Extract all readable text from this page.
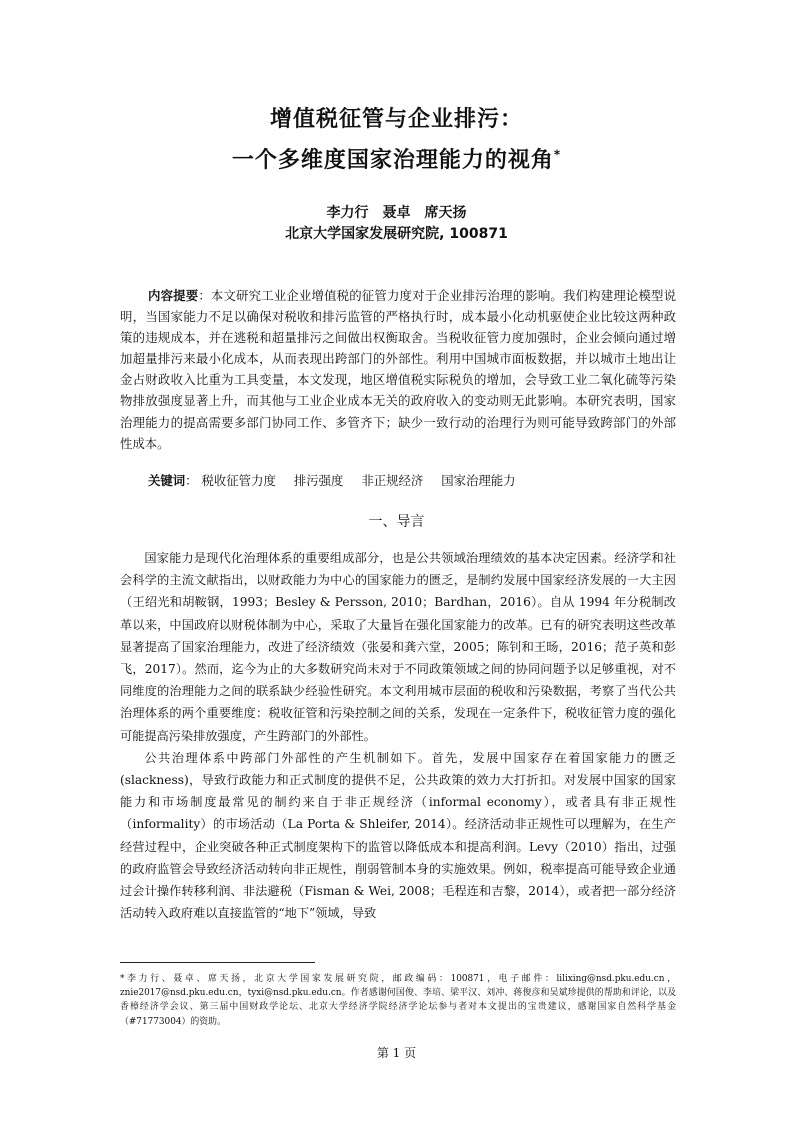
增值税征管与企业排污：
一个多维度国家治理能力的视角*
李力行　聂卓　席天扬
北京大学国家发展研究院, 100871
内容提要：本文研究工业企业增值税的征管力度对于企业排污治理的影响。我们构建理论模型说明，当国家能力不足以确保对税收和排污监管的严格执行时，成本最小化动机驱使企业比较这两种政策的违规成本，并在逃税和超量排污之间做出权衡取舍。当税收征管力度加强时，企业会倾向通过增加超量排污来最小化成本，从而表现出跨部门的外部性。利用中国城市面板数据，并以城市土地出让金占财政收入比重为工具变量，本文发现，地区增值税实际税负的增加，会导致工业二氧化硫等污染物排放强度显著上升，而其他与工业企业成本无关的政府收入的变动则无此影响。本研究表明，国家治理能力的提高需要多部门协同工作、多管齐下；缺少一致行动的治理行为则可能导致跨部门的外部性成本。
关键词： 税收征管力度 排污强度 非正规经济 国家治理能力
一、导言

国家能力是现代化治理体系的重要组成部分，也是公共领域治理绩效的基本决定因素。经济学和社会科学的主流文献指出，以财政能力为中心的国家能力的匮乏，是制约发展中国家经济发展的一大主因（王绍光和胡鞍钢，1993；Besley & Persson, 2010；Bardhan，2016）。自从 1994 年分税制改革以来，中国政府以财税体制为中心，采取了大量旨在强化国家能力的改革。已有的研究表明这些改革显著提高了国家治理能力，改进了经济绩效（张晏和龚六堂，2005；陈钊和王旸，2016；范子英和彭飞，2017）。然而，迄今为止的大多数研究尚未对于不同政策领域之间的协同问题予以足够重视，对不同维度的治理能力之间的联系缺少经验性研究。本文利用城市层面的税收和污染数据，考察了当代公共治理体系的两个重要维度：税收征管和污染控制之间的关系，发现在一定条件下，税收征管力度的强化可能提高污染排放强度，产生跨部门的外部性。

公共治理体系中跨部门外部性的产生机制如下。首先，发展中国家存在着国家能力的匮乏(slackness)，导致行政能力和正式制度的提供不足，公共政策的效力大打折扣。对发展中国家的国家能力和市场制度最常见的制约来自于非正规经济（informal economy），或者具有非正规性（informality）的市场活动（La Porta & Shleifer, 2014）。经济活动非正规性可以理解为，在生产经营过程中，企业突破各种正式制度架构下的监管以降低成本和提高利润。Levy（2010）指出，过强的政府监管会导致经济活动转向非正规性，削弱管制本身的实施效果。例如，税率提高可能导致企业通过会计操作转移利润、非法避税（Fisman & Wei, 2008；毛程连和吉黎，2014），或者把一部分经济活动转入政府难以直接监管的“地下”领域，导致

*李力行、聂卓、席天扬，北京大学国家发展研究院，邮政编码：100871，电子邮件：lilixing@nsd.pku.edu.cn，znie2017@nsd.pku.edu.cn，tyxi@nsd.pku.edu.cn。作者感谢何国俊、李培、梁平汉、刘冲、蒋俊彦和吴斌珍提供的帮助和评论，以及香樟经济学会议、第三届中国财政学论坛、北京大学经济学院经济学论坛参与者对本文提出的宝贵建议，感谢国家自然科学基金（#71773004）的资助。
第 1 页
